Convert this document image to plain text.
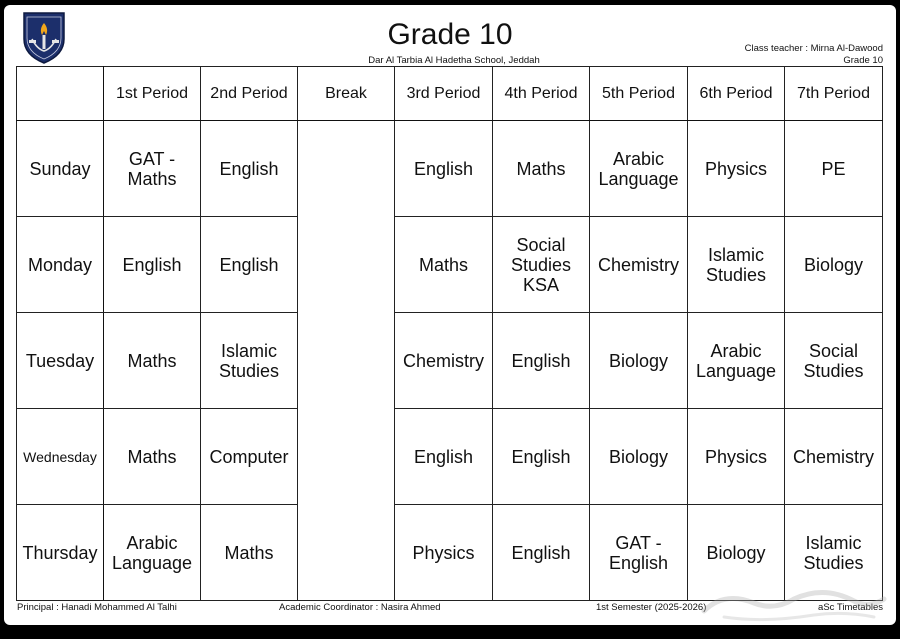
Grade 10
Dar Al Tarbia Al Hadetha School, Jeddah
Class teacher : Mirna Al-Dawood
Grade 10
	1st Period	2nd Period	Break	3rd Period	4th Period	5th Period	6th Period	7th Period
Sunday	GAT - Maths	English		English	Maths	Arabic Language	Physics	PE
Monday	English	English		Maths	Social Studies KSA	Chemistry	Islamic Studies	Biology
Tuesday	Maths	Islamic Studies		Chemistry	English	Biology	Arabic Language	Social Studies
Wednesday	Maths	Computer		English	English	Biology	Physics	Chemistry
Thursday	Arabic Language	Maths		Physics	English	GAT - English	Biology	Islamic Studies
Principal : Hanadi Mohammed Al Talhi	Academic Coordinator : Nasira Ahmed	1st Semester (2025-2026)	aSc Timetables
